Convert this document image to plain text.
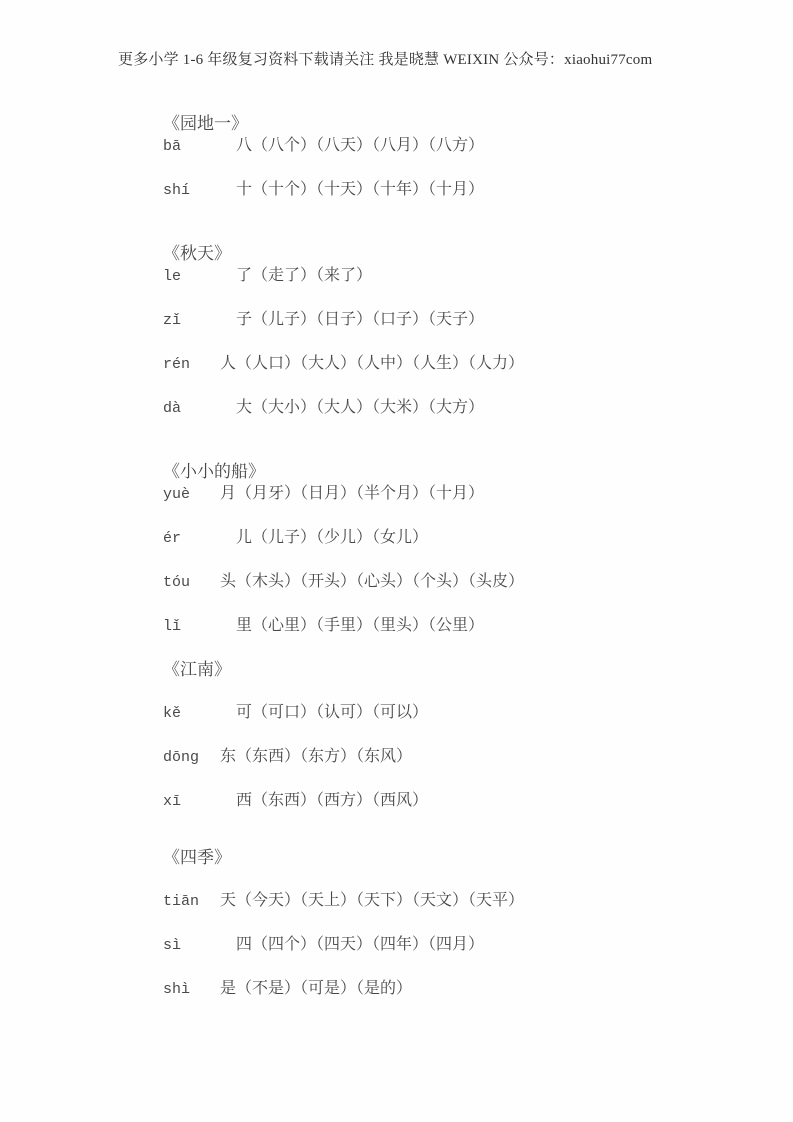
更多小学 1-6 年级复习资料下载请关注 我是晓慧 WEIXIN 公众号：xiaohui77com
《园地一》
bā	　八（八个）（八天）（八月）（八方）
shí	　十（十个）（十天）（十年）（十月）
《秋天》
le	　了（走了）（来了）
zǐ	　子（儿子）（日子）（口子）（天子）
rén	人（人口）（大人）（人中）（人生）（人力）
dà	　大（大小）（大人）（大米）（大方）
《小小的船》
yuè	月（月牙）（日月）（半个月）（十月）
ér	　儿（儿子）（少儿）（女儿）
tóu	头（木头）（开头）（心头）（个头）（头皮）
lǐ	　里（心里）（手里）（里头）（公里）
《江南》
kě	　可（可口）（认可）（可以）
dōng	东（东西）（东方）（东风）
xī	　西（东西）（西方）（西风）
《四季》
tiān	天（今天）（天上）（天下）（天文）（天平）
sì	　四（四个）（四天）（四年）（四月）
shì	是（不是）（可是）（是的）
